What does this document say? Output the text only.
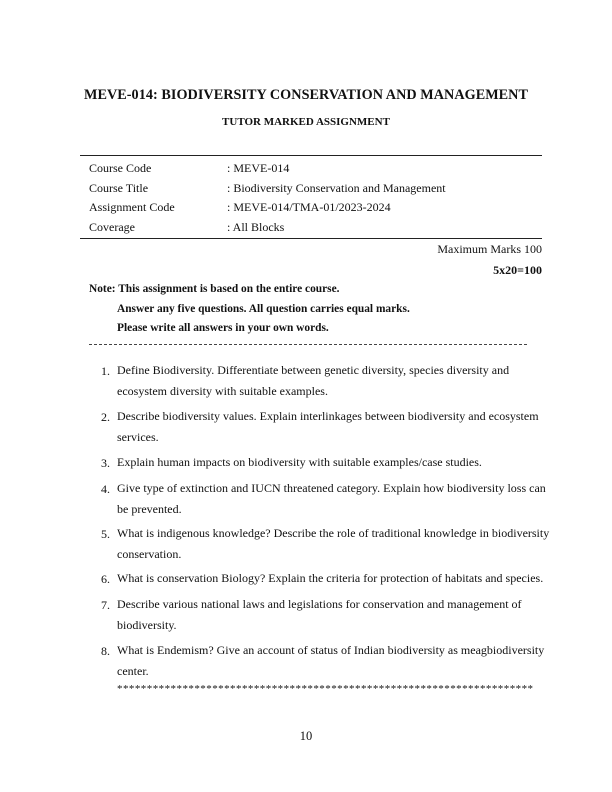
MEVE-014: BIODIVERSITY CONSERVATION AND MANAGEMENT
TUTOR MARKED ASSIGNMENT
Course Code	: MEVE-014
Course Title	: Biodiversity Conservation and Management
Assignment Code	: MEVE-014/TMA-01/2023-2024
Coverage	: All Blocks
Maximum Marks 100
5x20=100
Note: This assignment is based on the entire course.
Answer any five questions. All question carries equal marks.
Please write all answers in your own words.
1. Define Biodiversity. Differentiate between genetic diversity, species diversity and ecosystem diversity with suitable examples.
2. Describe biodiversity values. Explain interlinkages between biodiversity and ecosystem services.
3. Explain human impacts on biodiversity with suitable examples/case studies.
4. Give type of extinction and IUCN threatened category. Explain how biodiversity loss can be prevented.
5. What is indigenous knowledge? Describe the role of traditional knowledge in biodiversity conservation.
6. What is conservation Biology? Explain the criteria for protection of habitats and species.
7. Describe various national laws and legislations for conservation and management of biodiversity.
8. What is Endemism? Give an account of status of Indian biodiversity as meagbiodiversity center.
**********************************************************************
10
